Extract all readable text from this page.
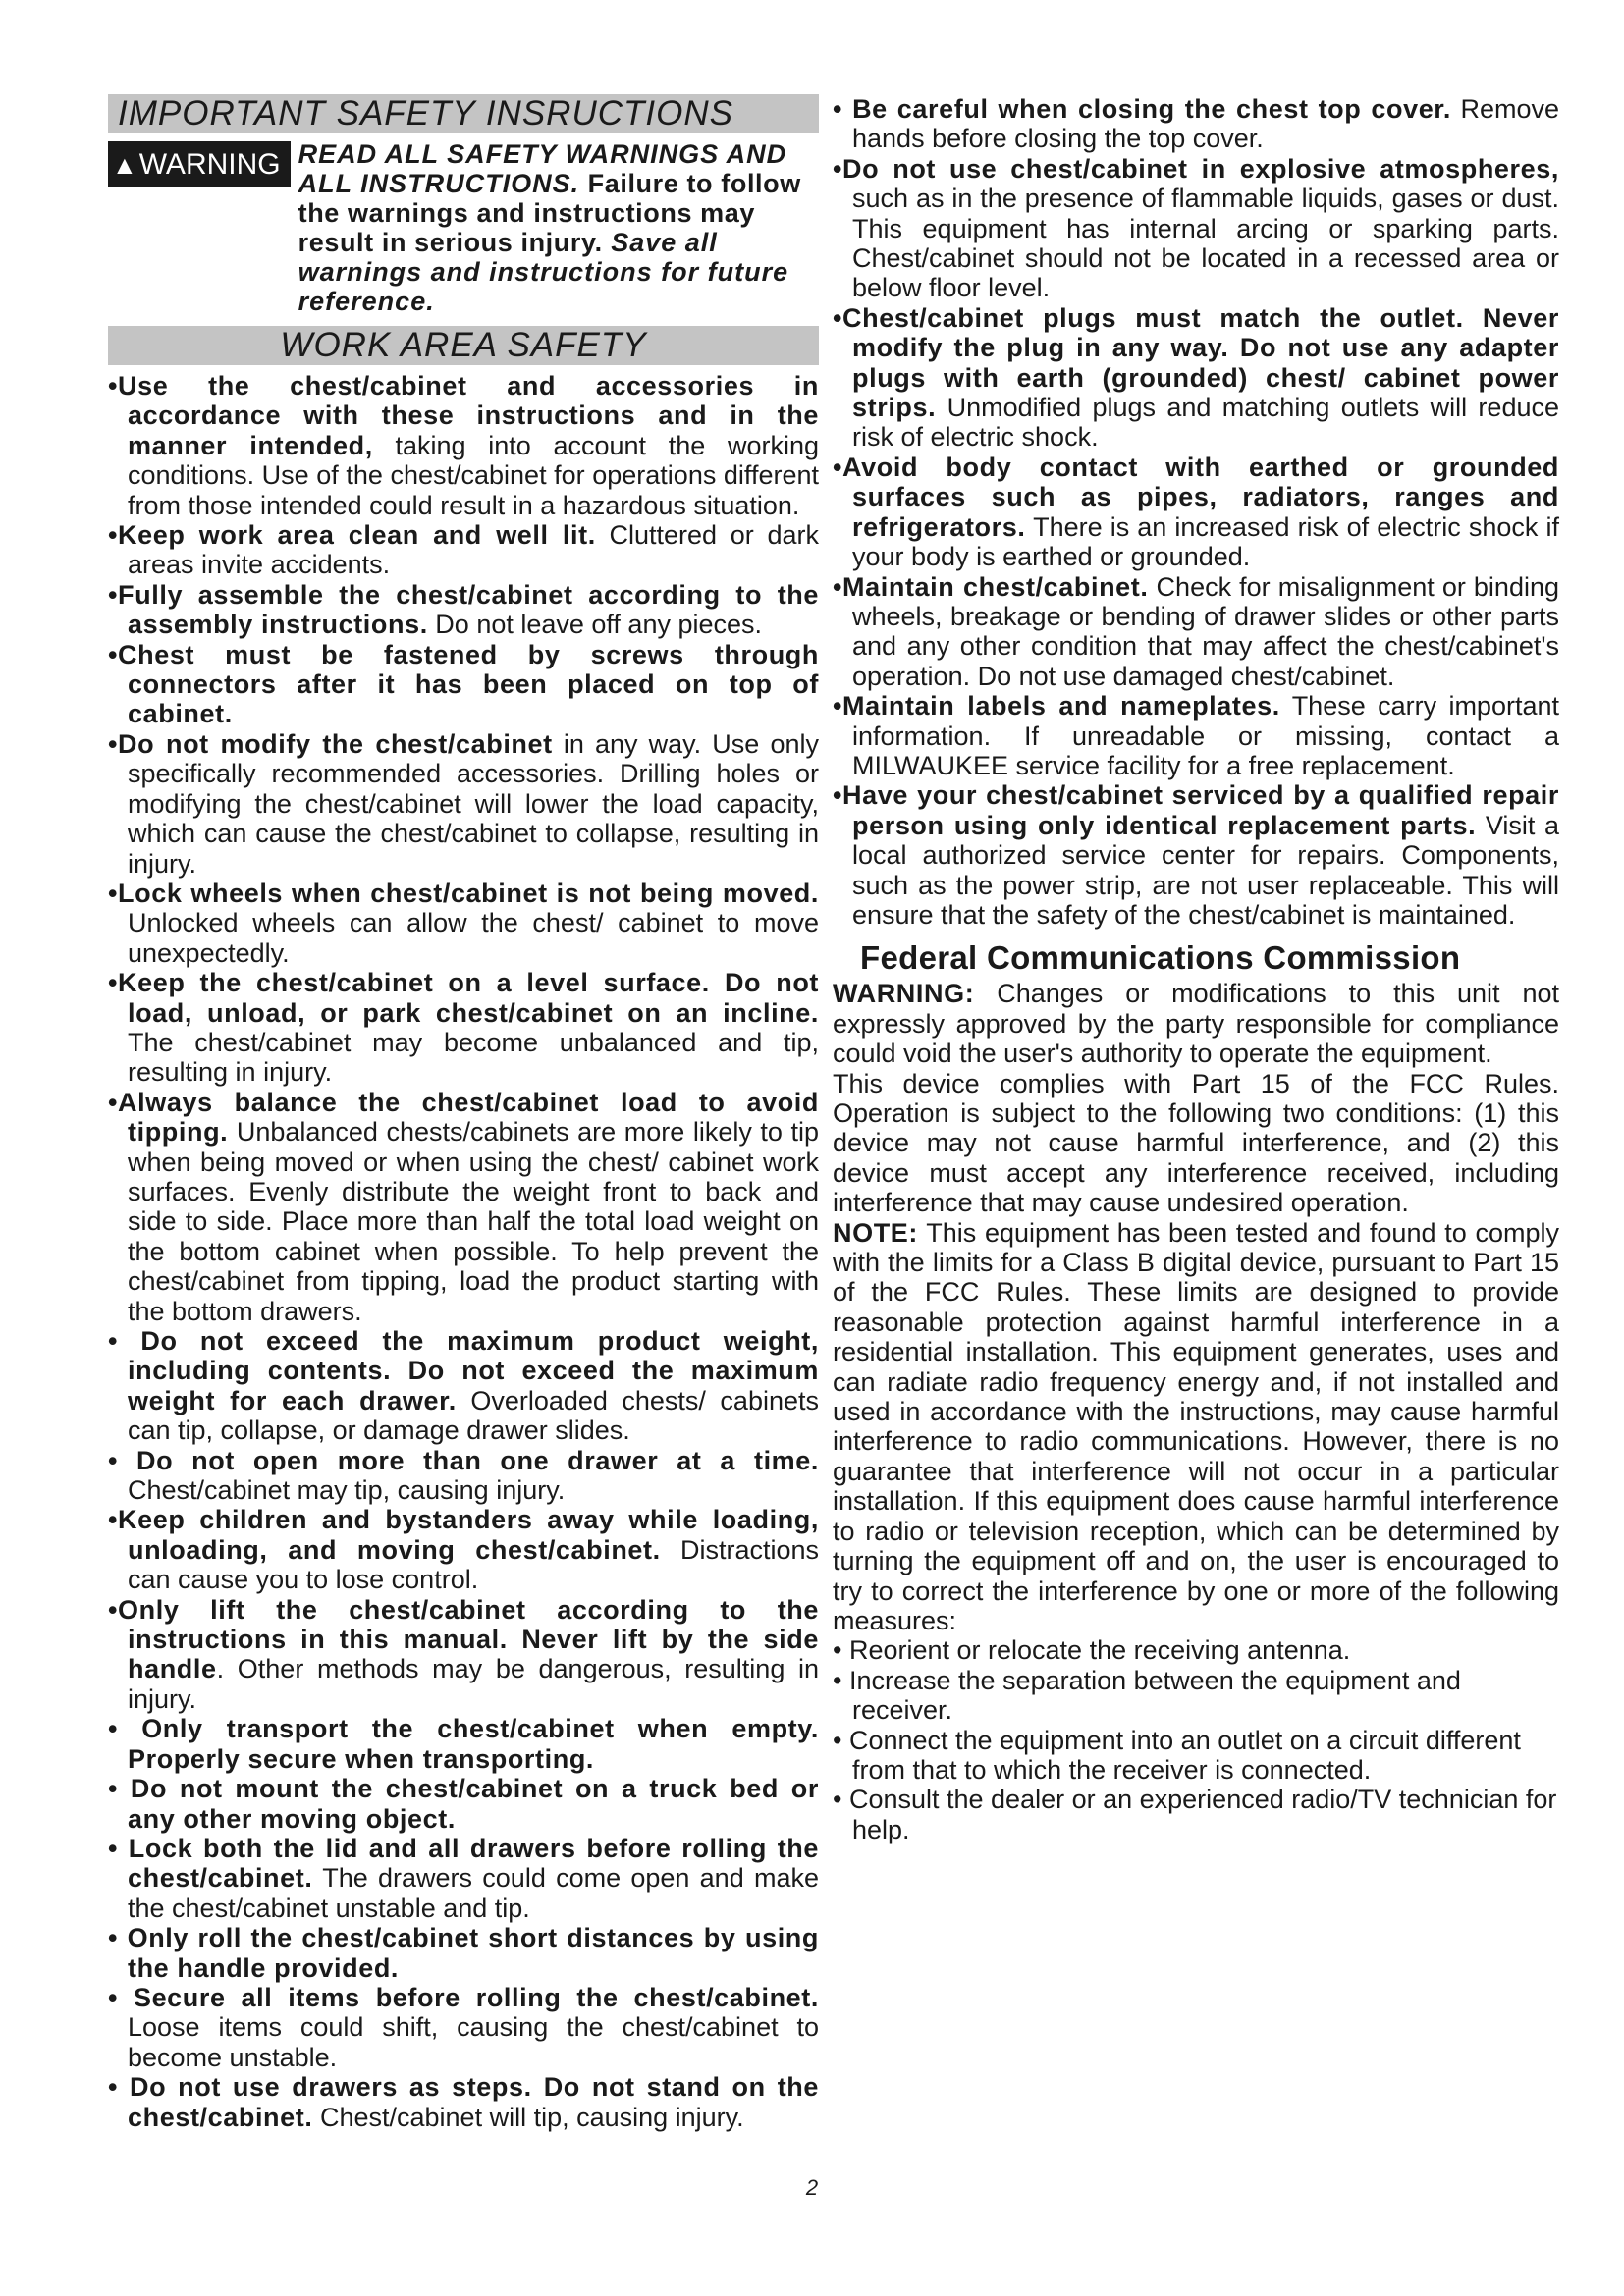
IMPORTANT SAFETY INSRUCTIONS
▲WARNING READ ALL SAFETY WARNINGS AND ALL INSTRUCTIONS. Failure to follow the warnings and instructions may result in serious injury. Save all warnings and instructions for future reference.
WORK AREA SAFETY

•Use the chest/cabinet and accessories in accordance with these instructions and in the manner intended, taking into account the working conditions. Use of the chest/cabinet for operations different from those intended could result in a hazardous situation.

•Keep work area clean and well lit. Cluttered or dark areas invite accidents.

•Fully assemble the chest/cabinet according to the assembly instructions. Do not leave off any pieces.

•Chest must be fastened by screws through connectors after it has been placed on top of cabinet.

•Do not modify the chest/cabinet in any way. Use only specifically recommended accessories. Drilling holes or modifying the chest/cabinet will lower the load capacity, which can cause the chest/cabinet to collapse, resulting in injury.

•Lock wheels when chest/cabinet is not being moved. Unlocked wheels can allow the chest/ cabinet to move unexpectedly.

•Keep the chest/cabinet on a level surface. Do not load, unload, or park chest/cabinet on an incline. The chest/cabinet may become unbalanced and tip, resulting in injury.

•Always balance the chest/cabinet load to avoid tipping. Unbalanced chests/cabinets are more likely to tip when being moved or when using the chest/ cabinet work surfaces. Evenly distribute the weight front to back and side to side. Place more than half the total load weight on the bottom cabinet when possible. To help prevent the chest/cabinet from tipping, load the product starting with the bottom drawers.

• Do not exceed the maximum product weight, including contents. Do not exceed the maximum weight for each drawer. Overloaded chests/ cabinets can tip, collapse, or damage drawer slides.

• Do not open more than one drawer at a time. Chest/cabinet may tip, causing injury.

•Keep children and bystanders away while loading, unloading, and moving chest/cabinet. Distractions can cause you to lose control.

•Only lift the chest/cabinet according to the instructions in this manual. Never lift by the side handle. Other methods may be dangerous, resulting in injury.

• Only transport the chest/cabinet when empty. Properly secure when transporting.

• Do not mount the chest/cabinet on a truck bed or any other moving object.

• Lock both the lid and all drawers before rolling the chest/cabinet. The drawers could come open and make the chest/cabinet unstable and tip.

• Only roll the chest/cabinet short distances by using the handle provided.

• Secure all items before rolling the chest/cabinet. Loose items could shift, causing the chest/cabinet to become unstable.

• Do not use drawers as steps. Do not stand on the chest/cabinet. Chest/cabinet will tip, causing injury.

• Be careful when closing the chest top cover. Remove hands before closing the top cover.

•Do not use chest/cabinet in explosive atmospheres, such as in the presence of flammable liquids, gases or dust. This equipment has internal arcing or sparking parts. Chest/cabinet should not be located in a recessed area or below floor level.

•Chest/cabinet plugs must match the outlet. Never modify the plug in any way. Do not use any adapter plugs with earth (grounded) chest/ cabinet power strips. Unmodified plugs and matching outlets will reduce risk of electric shock.

•Avoid body contact with earthed or grounded surfaces such as pipes, radiators, ranges and refrigerators. There is an increased risk of electric shock if your body is earthed or grounded.

•Maintain chest/cabinet. Check for misalignment or binding wheels, breakage or bending of drawer slides or other parts and any other condition that may affect the chest/cabinet's operation. Do not use damaged chest/cabinet.

•Maintain labels and nameplates. These carry important information. If unreadable or missing, contact a MILWAUKEE service facility for a free replacement.

•Have your chest/cabinet serviced by a qualified repair person using only identical replacement parts. Visit a local authorized service center for repairs. Components, such as the power strip, are not user replaceable. This will ensure that the safety of the chest/cabinet is maintained.

Federal Communications Commission

WARNING: Changes or modifications to this unit not expressly approved by the party responsible for compliance could void the user's authority to operate the equipment.

This device complies with Part 15 of the FCC Rules. Operation is subject to the following two conditions: (1) this device may not cause harmful interference, and (2) this device must accept any interference received, including interference that may cause undesired operation.

NOTE: This equipment has been tested and found to comply with the limits for a Class B digital device, pursuant to Part 15 of the FCC Rules. These limits are designed to provide reasonable protection against harmful interference in a residential installation. This equipment generates, uses and can radiate radio frequency energy and, if not installed and used in accordance with the instructions, may cause harmful interference to radio communications. However, there is no guarantee that interference will not occur in a particular installation. If this equipment does cause harmful interference to radio or television reception, which can be determined by turning the equipment off and on, the user is encouraged to try to correct the interference by one or more of the following measures:

• Reorient or relocate the receiving antenna.

• Increase the separation between the equipment and receiver.

• Connect the equipment into an outlet on a circuit different from that to which the receiver is connected.

• Consult the dealer or an experienced radio/TV technician for help.

2
